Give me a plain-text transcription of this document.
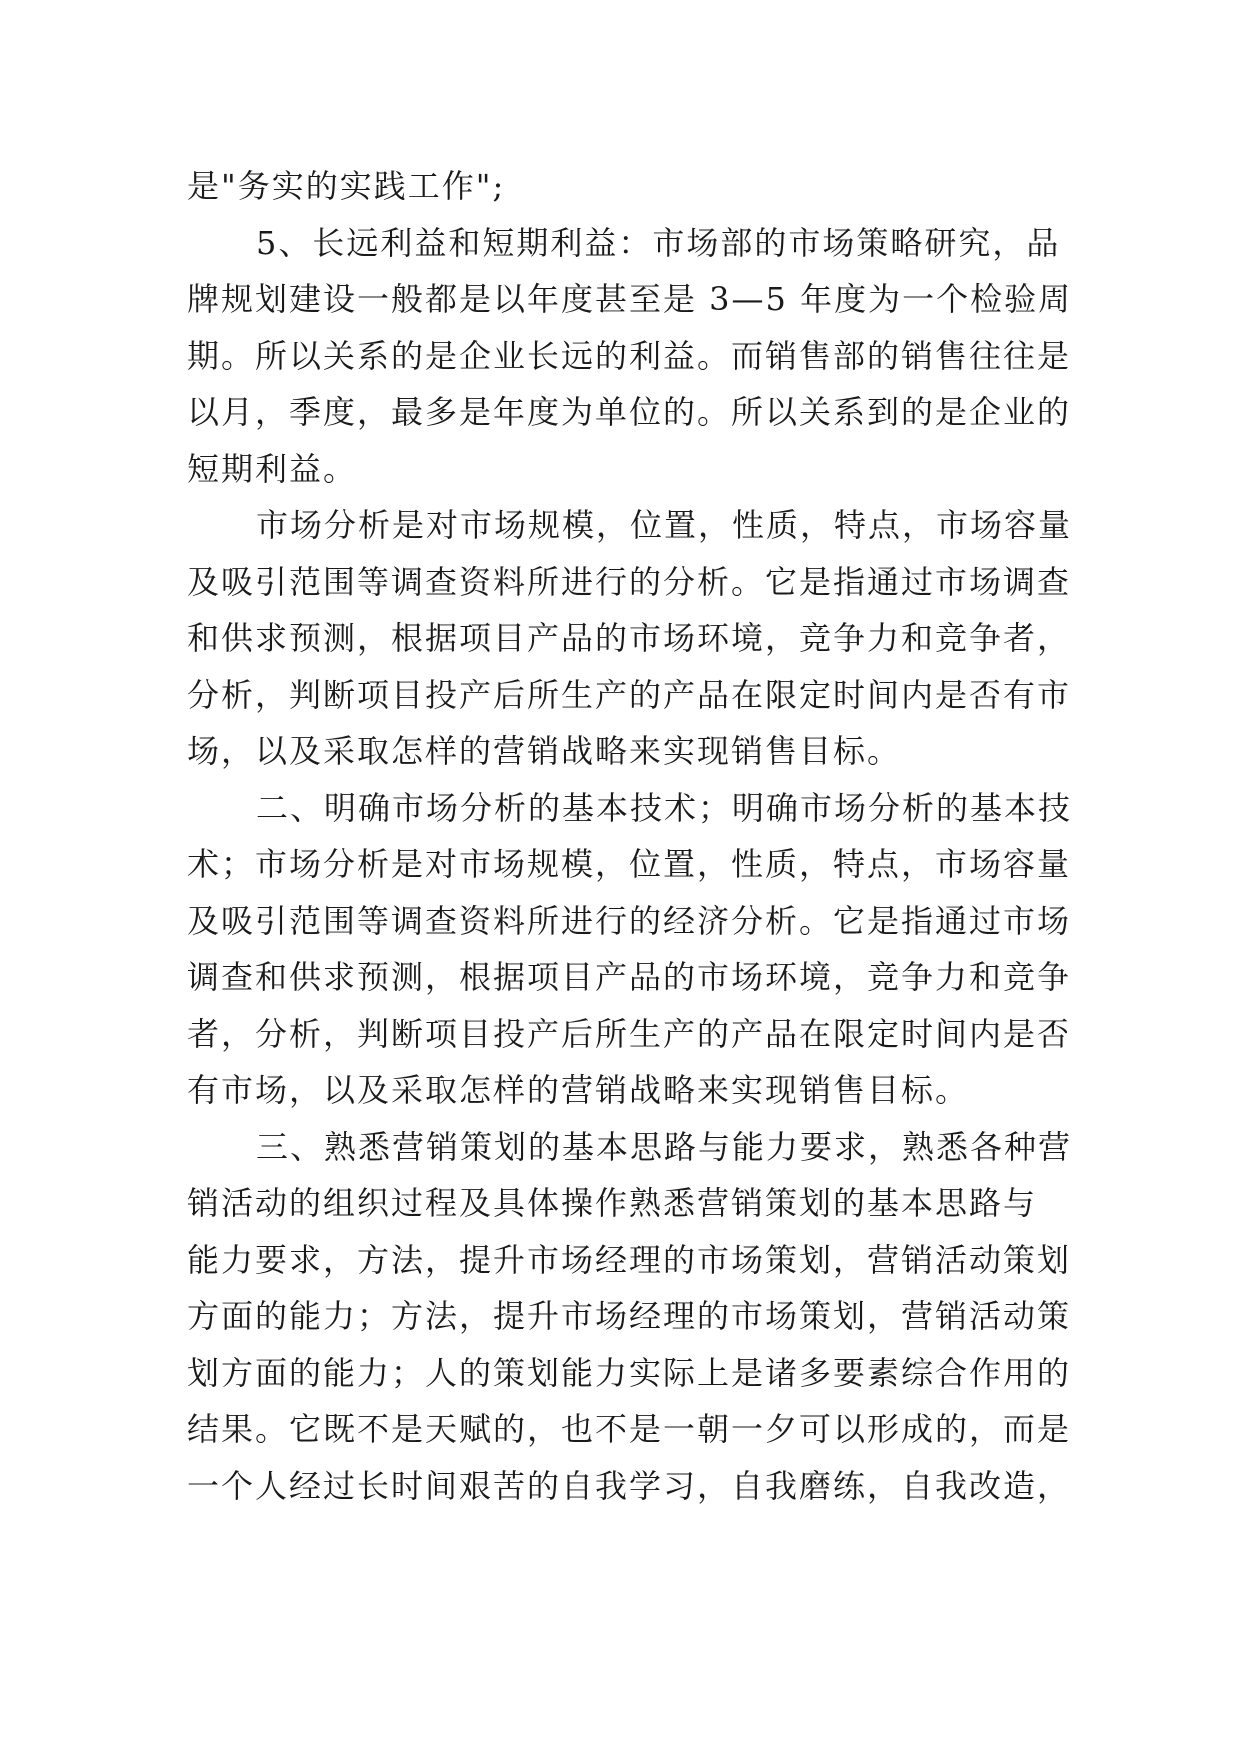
是"务实的实践工作";
5、长远利益和短期利益：市场部的市场策略研究，品
牌规划建设一般都是以年度甚至是 3—5 年度为一个检验周
期。所以关系的是企业长远的利益。而销售部的销售往往是
以月，季度，最多是年度为单位的。所以关系到的是企业的
短期利益。
市场分析是对市场规模，位置，性质，特点，市场容量
及吸引范围等调查资料所进行的分析。它是指通过市场调查
和供求预测，根据项目产品的市场环境，竞争力和竞争者，
分析，判断项目投产后所生产的产品在限定时间内是否有市
场，以及采取怎样的营销战略来实现销售目标。
二、明确市场分析的基本技术；明确市场分析的基本技
术；市场分析是对市场规模，位置，性质，特点，市场容量
及吸引范围等调查资料所进行的经济分析。它是指通过市场
调查和供求预测，根据项目产品的市场环境，竞争力和竞争
者，分析，判断项目投产后所生产的产品在限定时间内是否
有市场，以及采取怎样的营销战略来实现销售目标。
三、熟悉营销策划的基本思路与能力要求，熟悉各种营
销活动的组织过程及具体操作熟悉营销策划的基本思路与
能力要求，方法，提升市场经理的市场策划，营销活动策划
方面的能力；方法，提升市场经理的市场策划，营销活动策
划方面的能力；人的策划能力实际上是诸多要素综合作用的
结果。它既不是天赋的，也不是一朝一夕可以形成的，而是
一个人经过长时间艰苦的自我学习，自我磨练，自我改造，
